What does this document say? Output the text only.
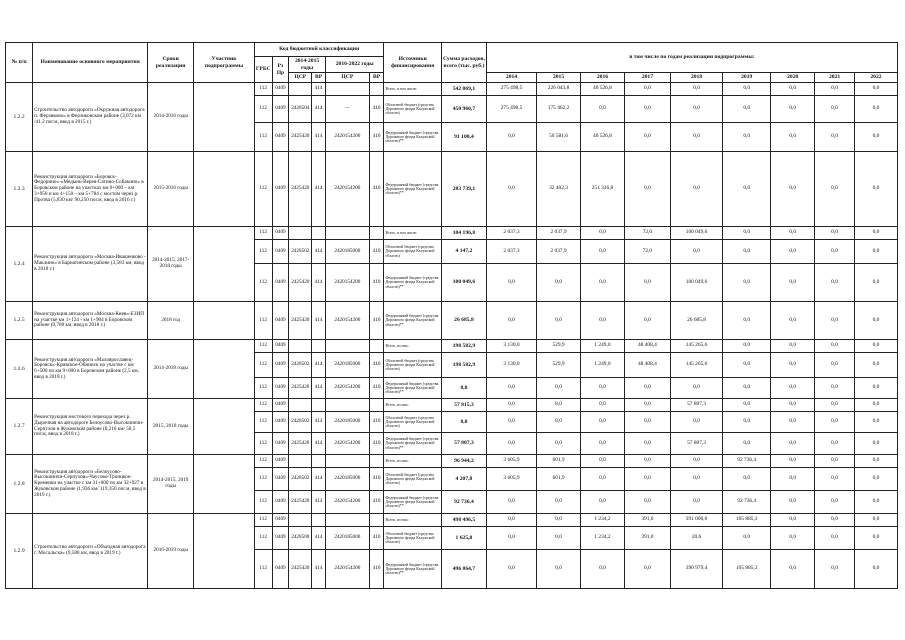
№ п/п	Наименование основного мероприятия	Сроки реализации	Участник подпрограммы	Код бюджетной классификации						Источники финансирования	Сумма расходов, всего (тыс. руб.)	в том числе по годам реализации подпрограммы:								
				ГРБС	Рз Пр	2014-2015 годы		2016-2022 годы												

						ЦСР	ВР	ЦСР	ВР			2014	2015	2016	2017	2018	2019	2020	2021	2022
1.2.2	Строительство автодороги «Окружная автодорога п. Ферзиково» в Ферзиковском районе (3,072 км /41.2 пог.м, ввод в 2015 г.)	2014-2016 годы		112	0409		414			Всего, в том числе:	542 069,1	275 498,5	226 043,8	40 526,8	0,0	0,0	0,0	0,0	0,0	0,0
				112	0409	2428504	414	—	410	Областной бюджет (средства Дорожного фонда Калужской области)	450 960,7	275 498,5	175 462,2	0,0	0,0	0,0	0,0	0,0	0,0	0,0
				112	0409	2425420	414	2420154200	410	Федеральный бюджет (средства Дорожного фонда Калужской области)**	91 108,4	0,0	50 581,6	40 526,8	0,0	0,0	0,0	0,0	0,0	0,0
1.2.3	Реконструкция автодороги «Боровск-Федорино»-«Медынь-Верея-Сатино-Собакино» в Боровском районе на участках км 0+000 – км 3+950 и км 4+150 – км 5+784 с мостом через р. Протва (5,830 км/ 90,250 пог.м, ввод в 2016 г.)	2015-2016 годы		112	0409	2425420	414	2420154200	410	Федеральный бюджет (средства Дорожного фонда Калужской области)**	283 739,1	0,0	32 402,3	251 336,8	0,0	0,0	0,0	0,0	0,0	0,0
1.2.4	Реконструкция автодороги «Москва-Ивашенково - Маклино» в Бариатинском районе (3,583 км, ввод в 2018 г.)	2014-2015, 2017-2018 годы		112	0409					Всего, в том числе:	104 196,8	2 037,3	2 037,9	0,0	72,0	100 049,6	0,0	0,0	0,0	0,0
				112	0409	2428502	414	2420185000	410	Областной бюджет (средства Дорожного фонда Калужской области)	4 147,2	2 037,3	2 037,9	0,0	72,0	0,0	0,0	0,0	0,0	0,0
				112	0409	2425420	414	2420154200	410	Федеральный бюджет (средства Дорожного фонда Калужской области)**	100 049,6	0,0	0,0	0,0	0,0	100 049,6	0,0	0,0	0,0	0,0
1.2.5	Реконструкция автодороги «Москва-Киев»-ЕЗИП на участке км 1+124 - км 1+904 в Боровском районе (0,780 км, ввод в 2018 г.)	2018 год		112	0409	2425420	414	2420154200	410	Федеральный бюджет (средства Дорожного фонда Калужской области)**	26 685,8	0,0	0,0	0,0	0,0	26 685,8	0,0	0,0	0,0	0,0
1.2.6	Реконструкция автодороги «Малоярославец-Боровск»-Кривское-Обнинск на участке с км 6+500 по км 9+000 в Боровском районе (2,5 км, ввод в 2018 г.)	2014-2018 годы		112	0409					Всего, из них:	198 582,9	3 130,0	529,9	1 249,0	48 408,4	145 265,6	0,0	0,0	0,0	0,0
				112	0409	2428502	414	2420185000	410	Областной бюджет (средства Дорожного фонда Калужской области)	198 582,9	3 130,0	529,9	1 249,0	48 408,4	145 265,6	0,0	0,0	0,0	0,0
				112	0409	2425420	414	2420154200	410	Федеральный бюджет (средства Дорожного фонда Калужской области)**	0,0	0,0	0,0	0,0	0,0	0,0	0,0	0,0	0,0	0,0
1.2.7	Реконструкция мостового перехода через р. Дырочная на автодороге Белоусово-Высокиничи-Серпухов в Жуковском районе (0,216 км/ 50,5 пог.м, ввод в 2018 г.)	2015, 2018 годы		112	0409					Всего, из них:	57 815,3	0,0	8,0	0,0	0,0	57 807,3	0,0	0,0	0,0	0,0
				112	0409	2428502	414	2420185000	410	Областной бюджет (средства Дорожного фонда Калужской области)	8,0	0,0	8,0	0,0	0,0	0,0	0,0	0,0	0,0	0,0
				112	0409	2425420	414	2420154200	410	Федеральный бюджет (средства Дорожного фонда Калужской области)**	57 807,3	0,0	0,0	0,0	0,0	57 807,3	0,0	0,0	0,0	0,0
1.2.8	Реконструкция автодороги «Белоусово-Высокиничи-Серпухов»-Чаусово-Троицкое-Кременки на участке с км 31+000 по км 32+927 в Жуковском районе (1,936 км/ 119,350 пог.м, ввод в 2019 г.)	2014-2015, 2019 годы		112	0409					Всего, из них:	96 944,2	3 605,9	601,9	0,0	0,0	0,0	92 736,4	0,0	0,0	0,0
				112	0409	2428502	414	2420185000	410	Областной бюджет (средства Дорожного фонда Калужской области)	4 207,8	3 605,9	601,9	0,0	0,0	0,0	0,0	0,0	0,0	0,0
				112	0409	2425420	414	2420154200	410	Федеральный бюджет (средства Дорожного фонда Калужской области)**	92 736,4	0,0	0,0	0,0	0,0	0,0	92 736,4	0,0	0,0	0,0
1.2.9	Строительство автодороги «Объездная автодорога г. Мосальска» (9,580 км, ввод в 2019 г.)	2016-2019 годы		112	0409					Всего, из них:	498 496,5	0,0	0,0	1 234,2	391,0	391 000,0	105 885,3	0,0	0,0	0,0
				112	0409	2428500	414	2420185000	410	Областной бюджет (средства Дорожного фонда Калужской области)	1 625,8	0,0	0,0	1 234,2	391,0	20,6	0,0	0,0	0,0	0,0
				112	0409	2425420	414	2420154200	410	Федеральный бюджет (средства Дорожного фонда Калужской области)**	496 864,7	0,0	0,0	0,0	0,0	390 979,4	105 885,3	0,0	0,0	0,0
